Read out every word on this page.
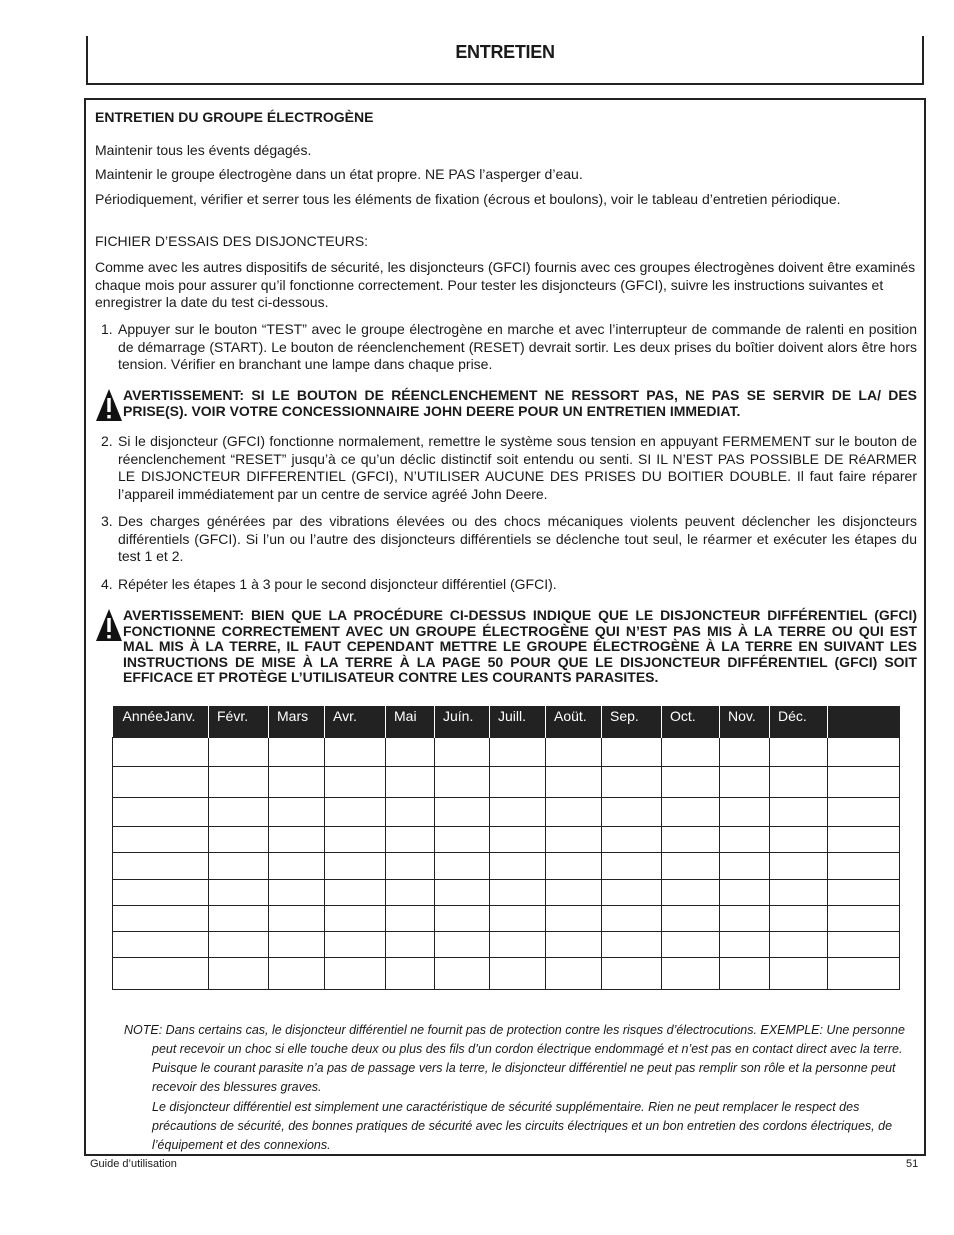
ENTRETIEN
ENTRETIEN DU GROUPE ÉLECTROGÈNE
Maintenir tous les évents dégagés.
Maintenir le groupe électrogène dans un état propre. NE PAS l’asperger d’eau.
Périodiquement, vérifier et serrer tous les éléments de fixation (écrous et boulons), voir le tableau d’entretien périodique.
FICHIER D’ESSAIS DES DISJONCTEURS:
Comme avec les autres dispositifs de sécurité, les disjoncteurs (GFCI) fournis avec ces groupes électrogènes doivent être examinés chaque mois pour assurer qu’il fonctionne correctement. Pour tester les disjoncteurs (GFCI), suivre les instructions suivantes et enregistrer la date du test ci-dessous.
1. Appuyer sur le bouton “TEST” avec le groupe électrogène en marche et avec l’interrupteur de commande de ralenti en position de démarrage (START). Le bouton de réenclenchement (RESET) devrait sortir. Les deux prises du boîtier doivent alors être hors tension. Vérifier en branchant une lampe dans chaque prise.
AVERTISSEMENT: SI LE BOUTON DE RÉENCLENCHEMENT NE RESSORT PAS, NE PAS SE SERVIR DE LA/ DES PRISE(S). VOIR VOTRE CONCESSIONNAIRE JOHN DEERE POUR UN ENTRETIEN IMMEDIAT.
2. Si le disjoncteur (GFCI) fonctionne normalement, remettre le système sous tension en appuyant FERMEMENT sur le bouton de réenclenchement “RESET” jusqu’à ce qu’un déclic distinctif soit entendu ou senti. SI IL N’EST PAS POSSIBLE DE RéARMER LE DISJONCTEUR DIFFERENTIEL (GFCI), N’UTILISER AUCUNE DES PRISES DU BOITIER DOUBLE. Il faut faire réparer l’appareil immédiatement par un centre de service agréé John Deere.
3. Des charges générées par des vibrations élevées ou des chocs mécaniques violents peuvent déclencher les disjoncteurs différentiels (GFCI). Si l’un ou l’autre des disjoncteurs différentiels se déclenche tout seul, le réarmer et exécuter les étapes du test 1 et 2.
4. Répéter les étapes 1 à 3 pour le second disjoncteur différentiel (GFCI).
AVERTISSEMENT: BIEN QUE LA PROCÉDURE CI-DESSUS INDIQUE QUE LE DISJONCTEUR DIFFÉRENTIEL (GFCI) FONCTIONNE CORRECTEMENT AVEC UN GROUPE ÉLECTROGÈNE QUI N’EST PAS MIS À LA TERRE OU QUI EST MAL MIS À LA TERRE, IL FAUT CEPENDANT METTRE LE GROUPE ÉLECTROGÈNE À LA TERRE EN SUIVANT LES INSTRUCTIONS DE MISE À LA TERRE À LA PAGE 50 POUR QUE LE DISJONCTEUR DIFFÉRENTIEL (GFCI) SOIT EFFICACE ET PROTÈGE L’UTILISATEUR CONTRE LES COURANTS PARASITES.
AnnéeJanv.	Févr.	Mars	Avr.	Mai	Juín.	Juill.	Aoüt.	Sep.	Oct.	Nov.	Déc.	

NOTE: Dans certains cas, le disjoncteur différentiel ne fournit pas de protection contre les risques d’électrocutions. EXEMPLE: Une personne peut recevoir un choc si elle touche deux ou plus des fils d’un cordon électrique endommagé et n’est pas en contact direct avec la terre. Puisque le courant parasite n’a pas de passage vers la terre, le disjoncteur différentiel ne peut pas remplir son rôle et la personne peut recevoir des blessures graves.
Le disjoncteur différentiel est simplement une caractéristique de sécurité supplémentaire. Rien ne peut remplacer le respect des précautions de sécurité, des bonnes pratiques de sécurité avec les circuits électriques et un bon entretien des cordons électriques, de l’équipement et des connexions.
Guide d’utilisation	51
